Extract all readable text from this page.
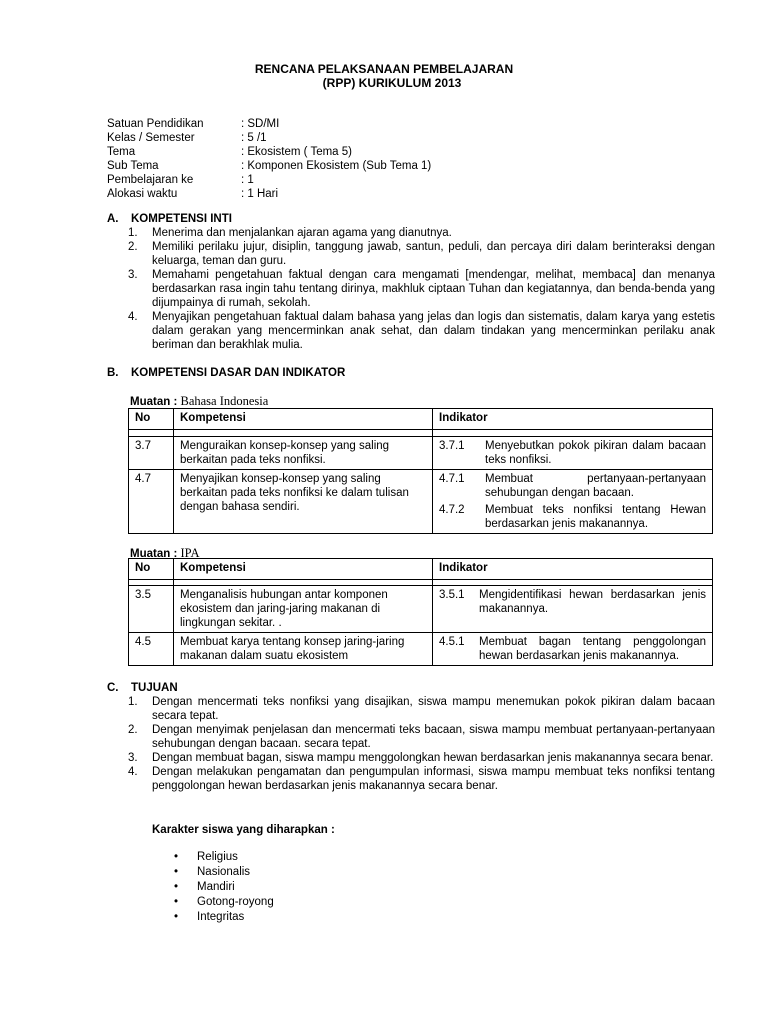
RENCANA PELAKSANAAN PEMBELAJARAN
(RPP) KURIKULUM 2013
Satuan Pendidikan	: SD/MI
Kelas / Semester	: 5 /1
Tema	: Ekosistem ( Tema 5)
Sub Tema	: Komponen Ekosistem (Sub Tema 1)
Pembelajaran ke	: 1
Alokasi waktu	: 1 Hari
A. KOMPETENSI INTI
1. Menerima dan menjalankan ajaran agama yang dianutnya.
2. Memiliki perilaku jujur, disiplin, tanggung jawab, santun, peduli, dan percaya diri dalam berinteraksi dengan keluarga, teman dan guru.
3. Memahami pengetahuan faktual dengan cara mengamati [mendengar, melihat, membaca] dan menanya berdasarkan rasa ingin tahu tentang dirinya, makhluk ciptaan Tuhan dan kegiatannya, dan benda-benda yang dijumpainya di rumah, sekolah.
4. Menyajikan pengetahuan faktual dalam bahasa yang jelas dan logis dan sistematis, dalam karya yang estetis dalam gerakan yang mencerminkan anak sehat, dan dalam tindakan yang mencerminkan perilaku anak beriman dan berakhlak mulia.
B. KOMPETENSI DASAR DAN INDIKATOR
Muatan : Bahasa Indonesia
No	Kompetensi	Indikator

3.7	Menguraikan konsep-konsep yang saling berkaitan pada teks nonfiksi.	3.7.1 Menyebutkan pokok pikiran dalam bacaan teks nonfiksi.

4.7	Menyajikan konsep-konsep yang saling berkaitan pada teks nonfiksi ke dalam tulisan dengan bahasa sendiri.	4.7.1 Membuat pertanyaan-pertanyaan sehubungan dengan bacaan.
4.7.2 Membuat teks nonfiksi tentang Hewan berdasarkan jenis makanannya.
Muatan : IPA
No	Kompetensi	Indikator

3.5	Menganalisis hubungan antar komponen ekosistem dan jaring-jaring makanan di lingkungan sekitar. .	3.5.1 Mengidentifikasi hewan berdasarkan jenis makanannya.

4.5	Membuat karya tentang konsep jaring-jaring makanan dalam suatu ekosistem	4.5.1 Membuat bagan tentang penggolongan hewan berdasarkan jenis makanannya.
C. TUJUAN
1. Dengan mencermati teks nonfiksi yang disajikan, siswa mampu menemukan pokok pikiran dalam bacaan secara tepat.
2. Dengan menyimak penjelasan dan mencermati teks bacaan, siswa mampu membuat pertanyaan-pertanyaan sehubungan dengan bacaan. secara tepat.
3. Dengan membuat bagan, siswa mampu menggolongkan hewan berdasarkan jenis makanannya secara benar.
4. Dengan melakukan pengamatan dan pengumpulan informasi, siswa mampu membuat teks nonfiksi tentang penggolongan hewan berdasarkan jenis makanannya secara benar.
Karakter siswa yang diharapkan :
• Religius
• Nasionalis
• Mandiri
• Gotong-royong
• Integritas
